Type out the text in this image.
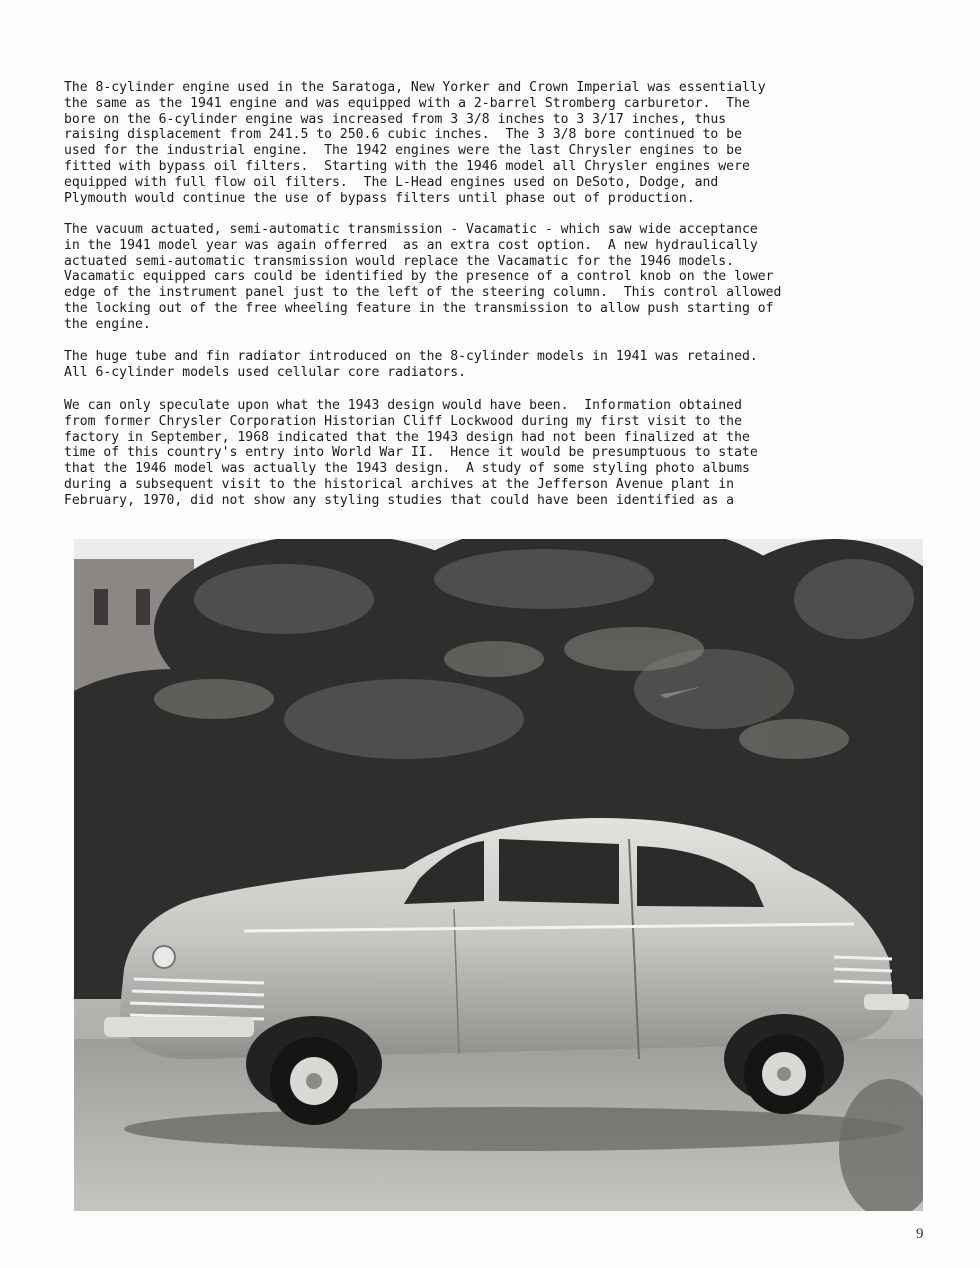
The 8-cylinder engine used in the Saratoga, New Yorker and Crown Imperial was essentially
the same as the 1941 engine and was equipped with a 2-barrel Stromberg carburetor.  The
bore on the 6-cylinder engine was increased from 3 3/8 inches to 3 3/17 inches, thus
raising displacement from 241.5 to 250.6 cubic inches.  The 3 3/8 bore continued to be
used for the industrial engine.  The 1942 engines were the last Chrysler engines to be
fitted with bypass oil filters.  Starting with the 1946 model all Chrysler engines were
equipped with full flow oil filters.  The L-Head engines used on DeSoto, Dodge, and
Plymouth would continue the use of bypass filters until phase out of production.
The vacuum actuated, semi-automatic transmission - Vacamatic - which saw wide acceptance
in the 1941 model year was again offerred  as an extra cost option.  A new hydraulically
actuated semi-automatic transmission would replace the Vacamatic for the 1946 models.
Vacamatic equipped cars could be identified by the presence of a control knob on the lower
edge of the instrument panel just to the left of the steering column.  This control allowed
the locking out of the free wheeling feature in the transmission to allow push starting of
the engine.
The huge tube and fin radiator introduced on the 8-cylinder models in 1941 was retained.
All 6-cylinder models used cellular core radiators.
We can only speculate upon what the 1943 design would have been.  Information obtained
from former Chrysler Corporation Historian Cliff Lockwood during my first visit to the
factory in September, 1968 indicated that the 1943 design had not been finalized at the
time of this country's entry into World War II.  Hence it would be presumptuous to state
that the 1946 model was actually the 1943 design.  A study of some styling photo albums
during a subsequent visit to the historical archives at the Jefferson Avenue plant in
February, 1970, did not show any styling studies that could have been identified as a
9
